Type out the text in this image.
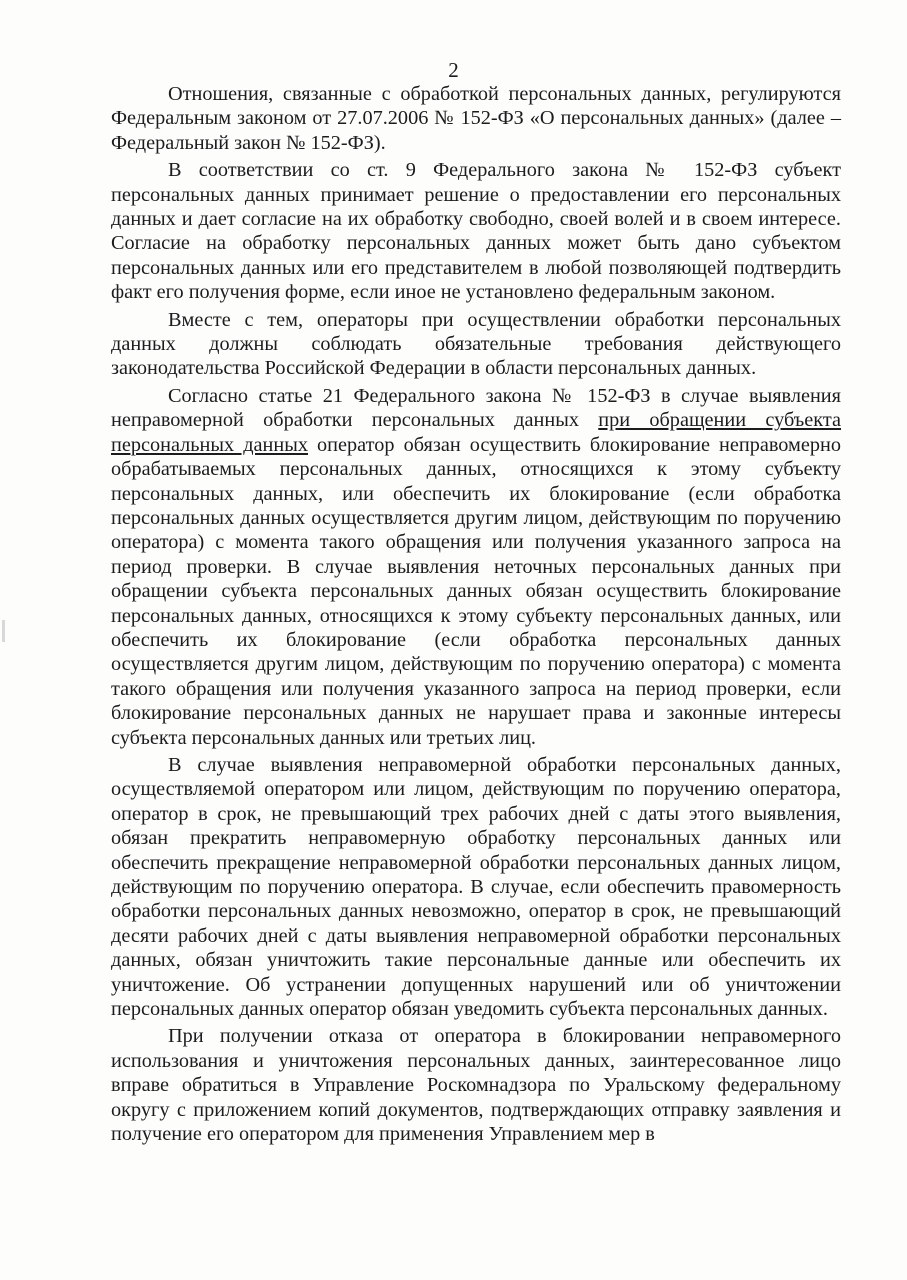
2

Отношения, связанные с обработкой персональных данных, регулируются Федеральным законом от 27.07.2006 № 152-ФЗ «О персональных данных» (далее – Федеральный закон № 152-ФЗ).

В соответствии со ст. 9 Федерального закона № 152-ФЗ субъект персональных данных принимает решение о предоставлении его персональных данных и дает согласие на их обработку свободно, своей волей и в своем интересе. Согласие на обработку персональных данных может быть дано субъектом персональных данных или его представителем в любой позволяющей подтвердить факт его получения форме, если иное не установлено федеральным законом.

Вместе с тем, операторы при осуществлении обработки персональных данных должны соблюдать обязательные требования действующего законодательства Российской Федерации в области персональных данных.

Согласно статье 21 Федерального закона № 152-ФЗ в случае выявления неправомерной обработки персональных данных при обращении субъекта персональных данных оператор обязан осуществить блокирование неправомерно обрабатываемых персональных данных, относящихся к этому субъекту персональных данных, или обеспечить их блокирование (если обработка персональных данных осуществляется другим лицом, действующим по поручению оператора) с момента такого обращения или получения указанного запроса на период проверки. В случае выявления неточных персональных данных при обращении субъекта персональных данных обязан осуществить блокирование персональных данных, относящихся к этому субъекту персональных данных, или обеспечить их блокирование (если обработка персональных данных осуществляется другим лицом, действующим по поручению оператора) с момента такого обращения или получения указанного запроса на период проверки, если блокирование персональных данных не нарушает права и законные интересы субъекта персональных данных или третьих лиц.

В случае выявления неправомерной обработки персональных данных, осуществляемой оператором или лицом, действующим по поручению оператора, оператор в срок, не превышающий трех рабочих дней с даты этого выявления, обязан прекратить неправомерную обработку персональных данных или обеспечить прекращение неправомерной обработки персональных данных лицом, действующим по поручению оператора. В случае, если обеспечить правомерность обработки персональных данных невозможно, оператор в срок, не превышающий десяти рабочих дней с даты выявления неправомерной обработки персональных данных, обязан уничтожить такие персональные данные или обеспечить их уничтожение. Об устранении допущенных нарушений или об уничтожении персональных данных оператор обязан уведомить субъекта персональных данных.

При получении отказа от оператора в блокировании неправомерного использования и уничтожения персональных данных, заинтересованное лицо вправе обратиться в Управление Роскомнадзора по Уральскому федеральному округу с приложением копий документов, подтверждающих отправку заявления и получение его оператором для применения Управлением мер в
